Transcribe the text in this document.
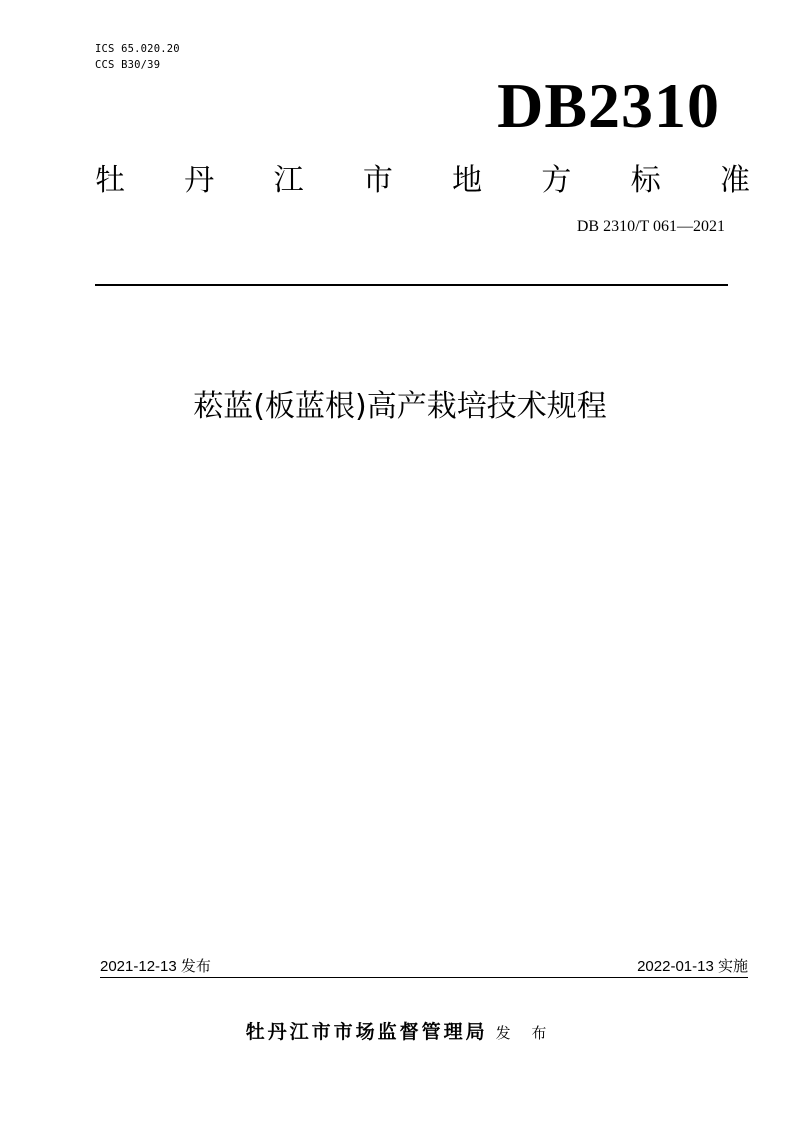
ICS 65.020.20
CCS B30/39
DB2310
牡 丹 江 市 地 方 标 准
DB 2310/T 061—2021
菘蓝(板蓝根)高产栽培技术规程
2021-12-13 发布	2022-01-13 实施
牡丹江市市场监督管理局 发 布
